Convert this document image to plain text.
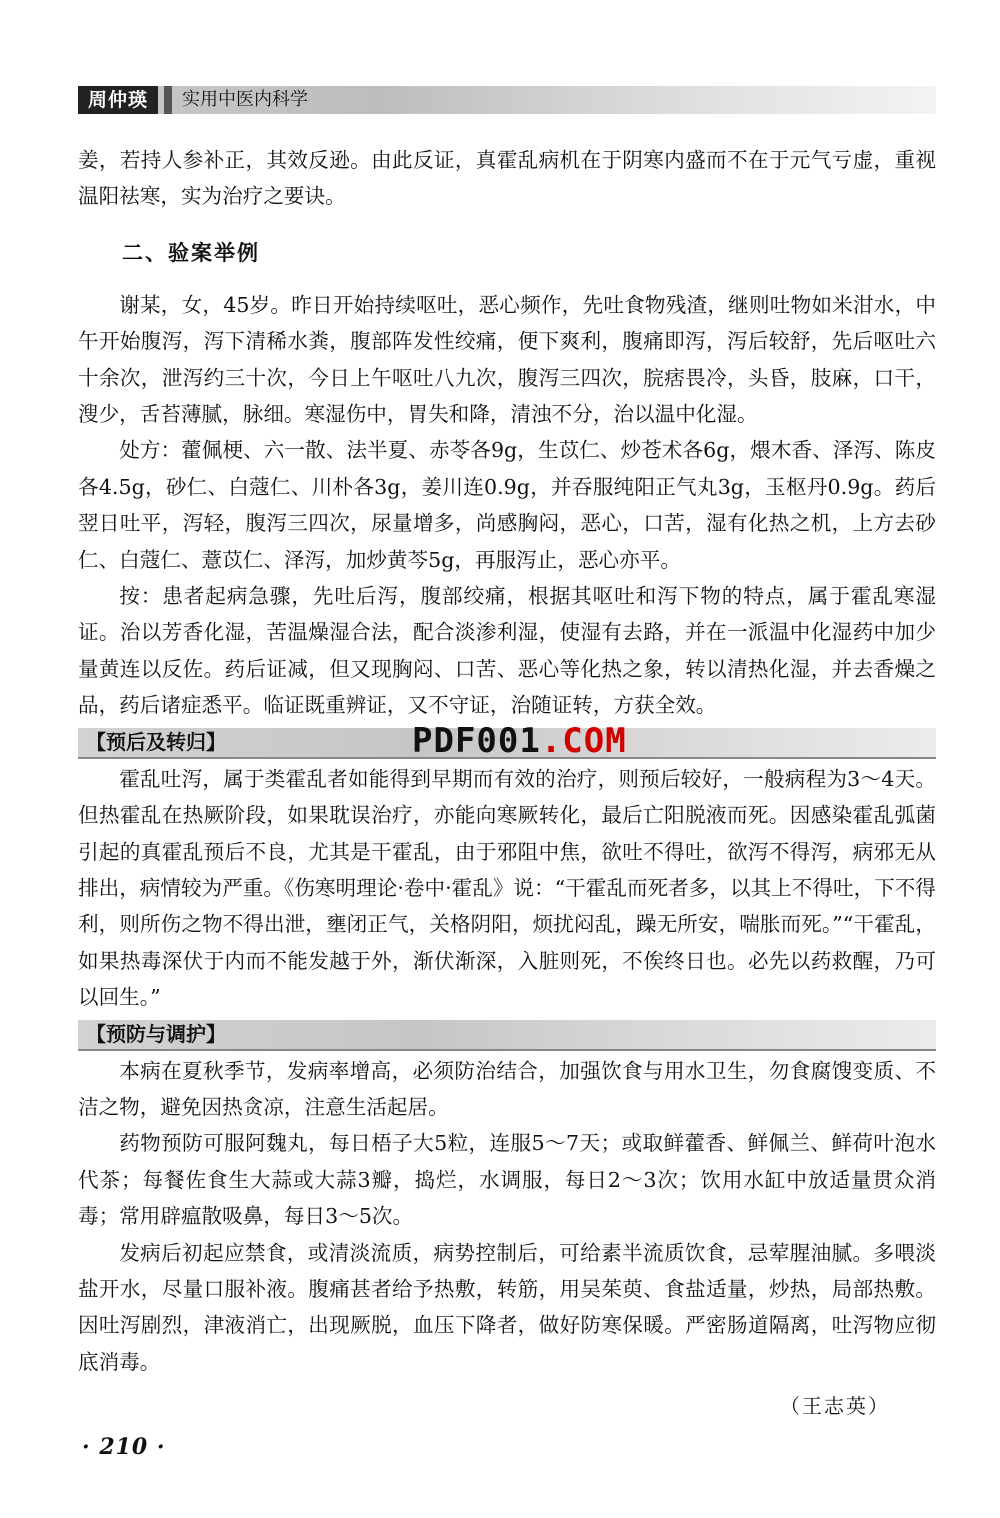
周仲瑛	实用中医内科学

姜，若持人参补正，其效反逊。由此反证，真霍乱病机在于阴寒内盛而不在于元气亏虚，重视温阳祛寒，实为治疗之要诀。

二、验案举例

谢某，女，45岁。昨日开始持续呕吐，恶心频作，先吐食物残渣，继则吐物如米泔水，中午开始腹泻，泻下清稀水粪，腹部阵发性绞痛，便下爽利，腹痛即泻，泻后较舒，先后呕吐六十余次，泄泻约三十次，今日上午呕吐八九次，腹泻三四次，脘痞畏冷，头昏，肢麻，口干，溲少，舌苔薄腻，脉细。寒湿伤中，胃失和降，清浊不分，治以温中化湿。

处方：藿佩梗、六一散、法半夏、赤苓各9g，生苡仁、炒苍术各6g，煨木香、泽泻、陈皮各4.5g，砂仁、白蔻仁、川朴各3g，姜川连0.9g，并吞服纯阳正气丸3g，玉枢丹0.9g。药后翌日吐平，泻轻，腹泻三四次，尿量增多，尚感胸闷，恶心，口苦，湿有化热之机，上方去砂仁、白蔻仁、薏苡仁、泽泻，加炒黄芩5g，再服泻止，恶心亦平。

按：患者起病急骤，先吐后泻，腹部绞痛，根据其呕吐和泻下物的特点，属于霍乱寒湿证。治以芳香化湿，苦温燥湿合法，配合淡渗利湿，使湿有去路，并在一派温中化湿药中加少量黄连以反佐。药后证减，但又现胸闷、口苦、恶心等化热之象，转以清热化湿，并去香燥之品，药后诸症悉平。临证既重辨证，又不守证，治随证转，方获全效。

【预后及转归】	PDF001.COM

霍乱吐泻，属于类霍乱者如能得到早期而有效的治疗，则预后较好，一般病程为3～4天。但热霍乱在热厥阶段，如果耽误治疗，亦能向寒厥转化，最后亡阳脱液而死。因感染霍乱弧菌引起的真霍乱预后不良，尤其是干霍乱，由于邪阻中焦，欲吐不得吐，欲泻不得泻，病邪无从排出，病情较为严重。《伤寒明理论·卷中·霍乱》说：“干霍乱而死者多，以其上不得吐，下不得利，则所伤之物不得出泄，壅闭正气，关格阴阳，烦扰闷乱，躁无所安，喘胀而死。”“干霍乱，如果热毒深伏于内而不能发越于外，渐伏渐深，入脏则死，不俟终日也。必先以药救醒，乃可以回生。”

【预防与调护】

本病在夏秋季节，发病率增高，必须防治结合，加强饮食与用水卫生，勿食腐馊变质、不洁之物，避免因热贪凉，注意生活起居。

药物预防可服阿魏丸，每日梧子大5粒，连服5～7天；或取鲜藿香、鲜佩兰、鲜荷叶泡水代茶；每餐佐食生大蒜或大蒜3瓣，捣烂，水调服，每日2～3次；饮用水缸中放适量贯众消毒；常用辟瘟散吸鼻，每日3～5次。

发病后初起应禁食，或清淡流质，病势控制后，可给素半流质饮食，忌荤腥油腻。多喂淡盐开水，尽量口服补液。腹痛甚者给予热敷，转筋，用吴茱萸、食盐适量，炒热，局部热敷。因吐泻剧烈，津液消亡，出现厥脱，血压下降者，做好防寒保暖。严密肠道隔离，吐泻物应彻底消毒。

（王志英）
· 210 ·
